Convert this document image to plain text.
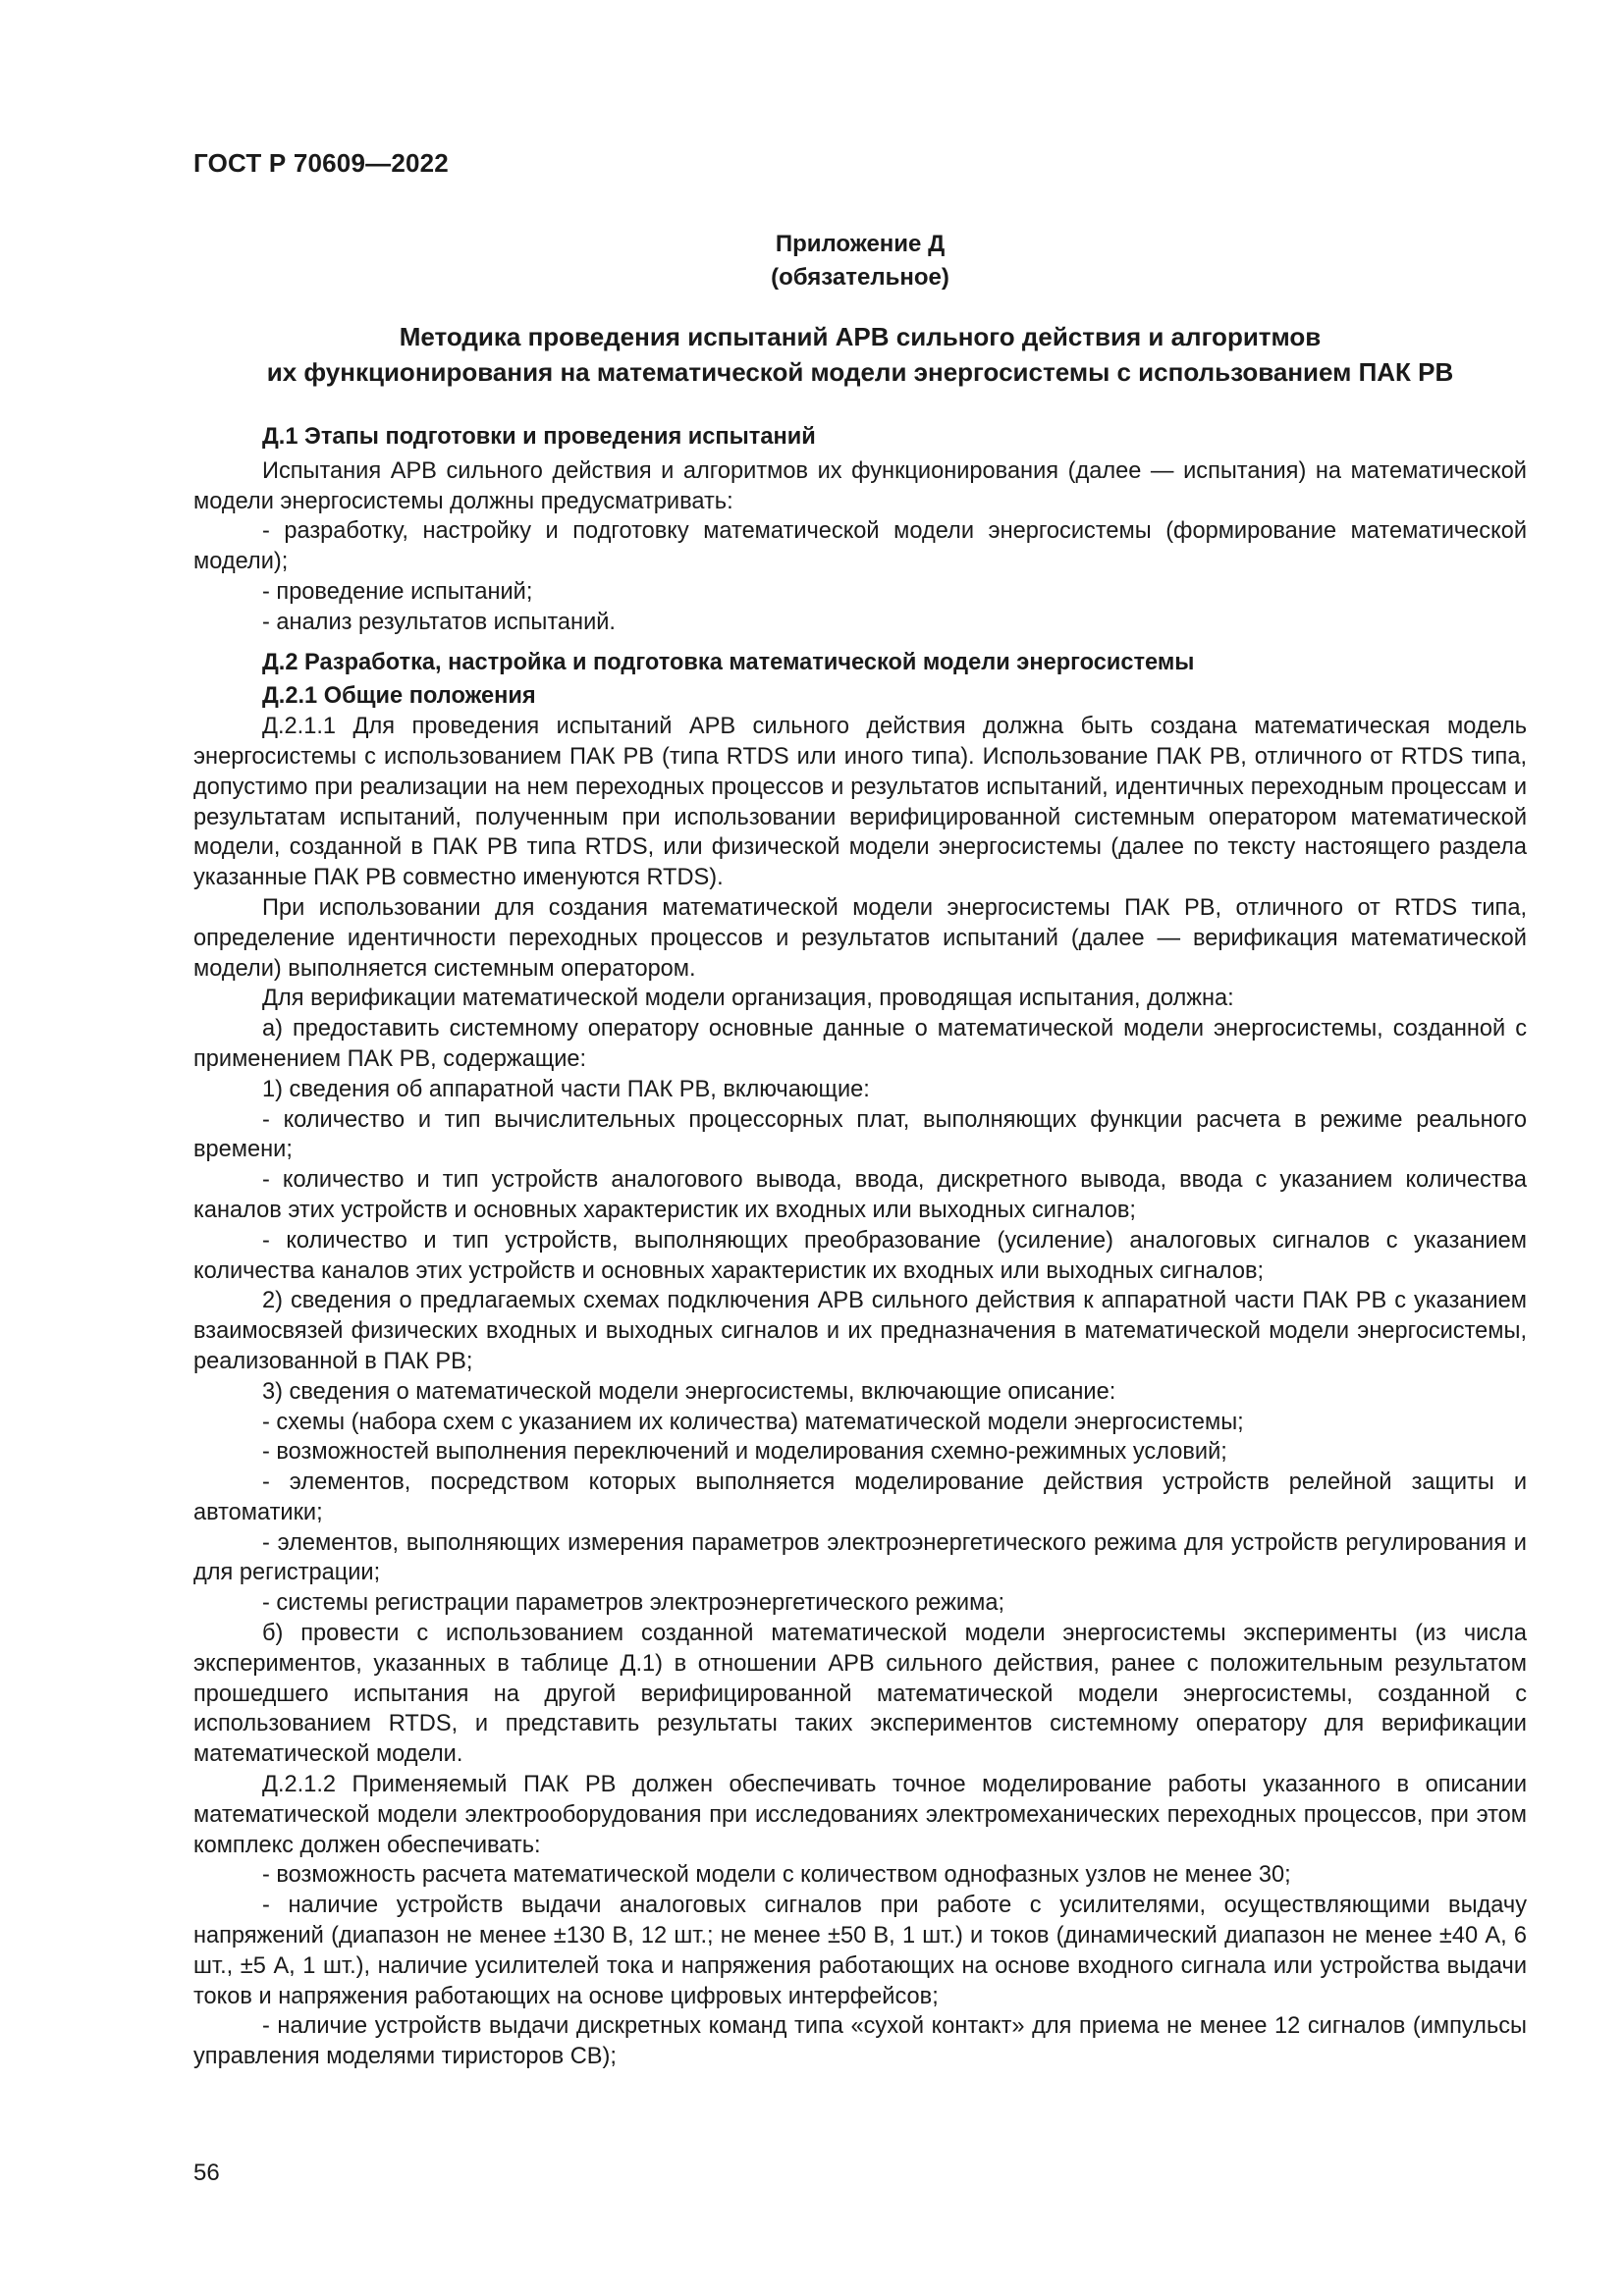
ГОСТ Р 70609—2022
Приложение Д
(обязательное)
Методика проведения испытаний АРВ сильного действия и алгоритмов
их функционирования на математической модели энергосистемы с использованием ПАК РВ

Д.1 Этапы подготовки и проведения испытаний

Испытания АРВ сильного действия и алгоритмов их функционирования (далее — испытания) на математической модели энергосистемы должны предусматривать:

- разработку, настройку и подготовку математической модели энергосистемы (формирование математической модели);

- проведение испытаний;

- анализ результатов испытаний.

Д.2 Разработка, настройка и подготовка математической модели энергосистемы

Д.2.1 Общие положения

Д.2.1.1 Для проведения испытаний АРВ сильного действия должна быть создана математическая модель энергосистемы с использованием ПАК РВ (типа RTDS или иного типа). Использование ПАК РВ, отличного от RTDS типа, допустимо при реализации на нем переходных процессов и результатов испытаний, идентичных переходным процессам и результатам испытаний, полученным при использовании верифицированной системным оператором математической модели, созданной в ПАК РВ типа RTDS, или физической модели энергосистемы (далее по тексту настоящего раздела указанные ПАК РВ совместно именуются RTDS).

При использовании для создания математической модели энергосистемы ПАК РВ, отличного от RTDS типа, определение идентичности переходных процессов и результатов испытаний (далее — верификация математической модели) выполняется системным оператором.

Для верификации математической модели организация, проводящая испытания, должна:

а) предоставить системному оператору основные данные о математической модели энергосистемы, созданной с применением ПАК РВ, содержащие:

1) сведения об аппаратной части ПАК РВ, включающие:

- количество и тип вычислительных процессорных плат, выполняющих функции расчета в режиме реального времени;

- количество и тип устройств аналогового вывода, ввода, дискретного вывода, ввода с указанием количества каналов этих устройств и основных характеристик их входных или выходных сигналов;

- количество и тип устройств, выполняющих преобразование (усиление) аналоговых сигналов с указанием количества каналов этих устройств и основных характеристик их входных или выходных сигналов;

2) сведения о предлагаемых схемах подключения АРВ сильного действия к аппаратной части ПАК РВ с указанием взаимосвязей физических входных и выходных сигналов и их предназначения в математической модели энергосистемы, реализованной в ПАК РВ;

3) сведения о математической модели энергосистемы, включающие описание:

- схемы (набора схем с указанием их количества) математической модели энергосистемы;

- возможностей выполнения переключений и моделирования схемно-режимных условий;

- элементов, посредством которых выполняется моделирование действия устройств релейной защиты и автоматики;

- элементов, выполняющих измерения параметров электроэнергетического режима для устройств регулирования и для регистрации;

- системы регистрации параметров электроэнергетического режима;

б) провести с использованием созданной математической модели энергосистемы эксперименты (из числа экспериментов, указанных в таблице Д.1) в отношении АРВ сильного действия, ранее с положительным результатом прошедшего испытания на другой верифицированной математической модели энергосистемы, созданной с использованием RTDS, и представить результаты таких экспериментов системному оператору для верификации математической модели.

Д.2.1.2 Применяемый ПАК РВ должен обеспечивать точное моделирование работы указанного в описании математической модели электрооборудования при исследованиях электромеханических переходных процессов, при этом комплекс должен обеспечивать:

- возможность расчета математической модели с количеством однофазных узлов не менее 30;

- наличие устройств выдачи аналоговых сигналов при работе с усилителями, осуществляющими выдачу напряжений (диапазон не менее ±130 В, 12 шт.; не менее ±50 В, 1 шт.) и токов (динамический диапазон не менее ±40 А, 6 шт., ±5 А, 1 шт.), наличие усилителей тока и напряжения работающих на основе входного сигнала или устройства выдачи токов и напряжения работающих на основе цифровых интерфейсов;

- наличие устройств выдачи дискретных команд типа «сухой контакт» для приема не менее 12 сигналов (импульсы управления моделями тиристоров СВ);

56
